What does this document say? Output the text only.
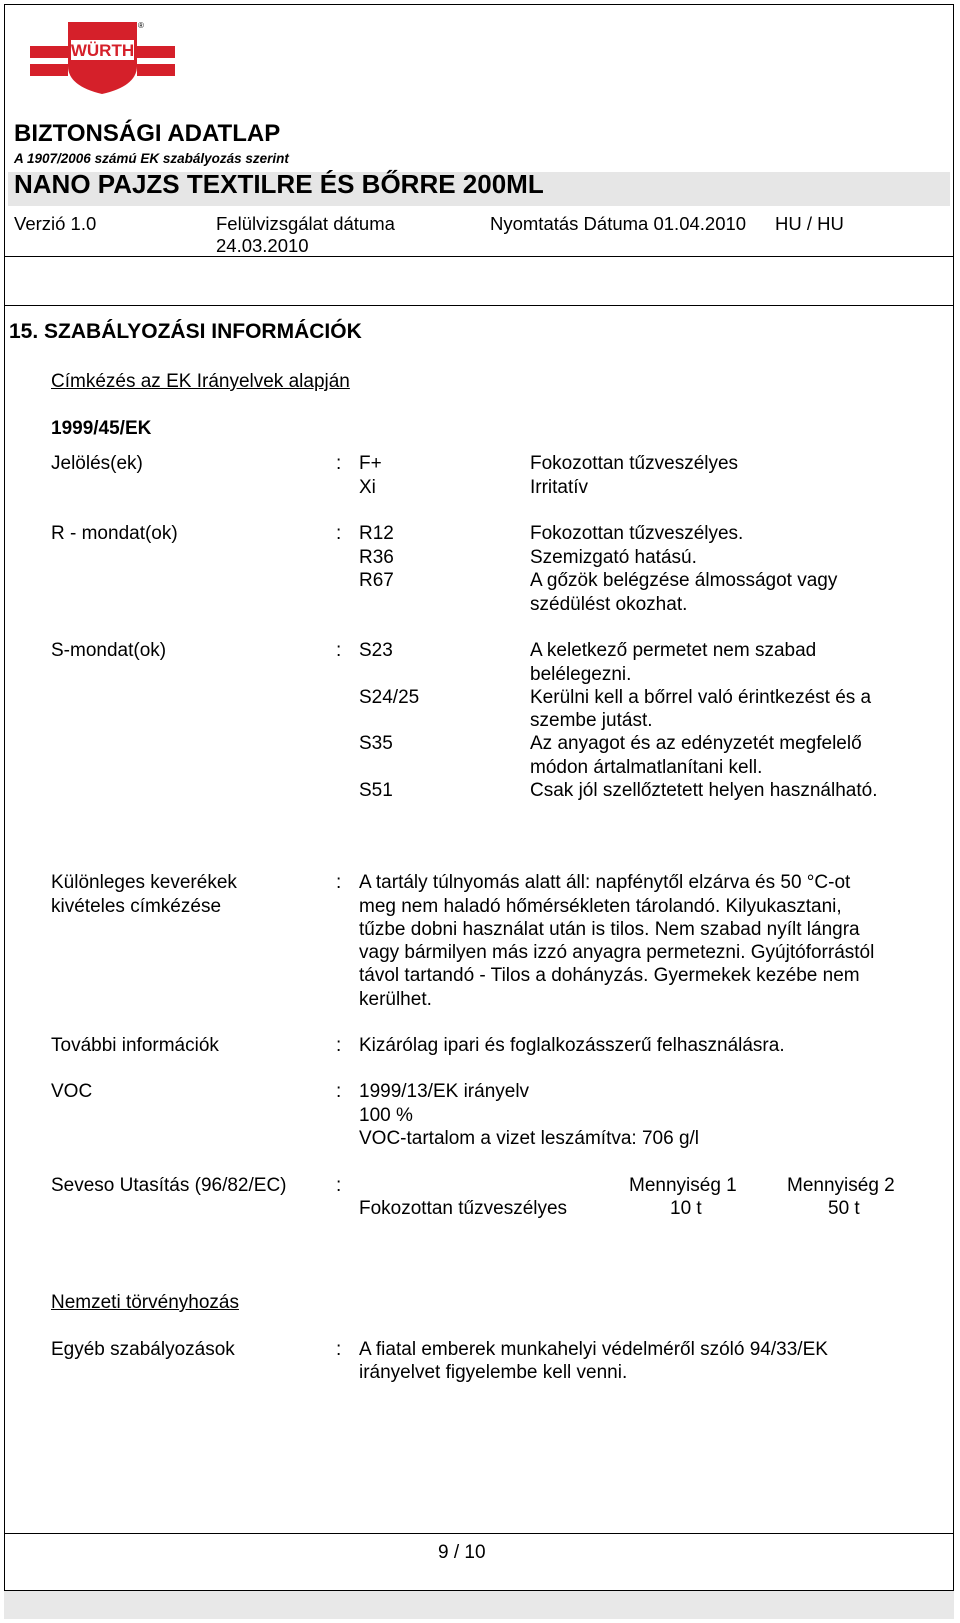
WÜRTH
®
BIZTONSÁGI ADATLAP
A 1907/2006 számú EK szabályozás szerint
NANO PAJZS TEXTILRE ÉS BŐRRE 200ML
Verzió 1.0	Felülvizsgálat dátuma
24.03.2010
Nyomtatás Dátuma 01.04.2010 HU / HU
15. SZABÁLYOZÁSI INFORMÁCIÓK
Címkézés az EK Irányelvek alapján
1999/45/EK
Jelölés(ek)	: F+	Fokozottan tűzveszélyes
Xi	Irritatív
R - mondat(ok)	: R12	Fokozottan tűzveszélyes.
R36	Szemizgató hatású.
R67	A gőzök belégzése álmosságot vagy
szédülést okozhat.
S-mondat(ok)	: S23	A keletkező permetet nem szabad
belélegezni.
S24/25	Kerülni kell a bőrrel való érintkezést és a
szembe jutást.
S35	Az anyagot és az edényzetét megfelelő
módon ártalmatlanítani kell.
S51	Csak jól szellőztetett helyen használható.
Különleges keverékek
kivételes címkézése
: A tartály túlnyomás alatt áll: napfénytől elzárva és 50 °C-ot
meg nem haladó hőmérsékleten tárolandó. Kilyukasztani,
tűzbe dobni használat után is tilos. Nem szabad nyílt lángra
vagy bármilyen más izzó anyagra permetezni. Gyújtóforrástól
távol tartandó - Tilos a dohányzás. Gyermekek kezébe nem
kerülhet.
További információk	: Kizárólag ipari és foglalkozásszerű felhasználásra.
VOC	: 1999/13/EK irányelv
100 %
VOC-tartalom a vizet leszámítva: 706 g/l
Seveso Utasítás (96/82/EC)	:	Mennyiség 1	Mennyiség 2
Fokozottan tűzveszélyes	10 t	50 t
Nemzeti törvényhozás
Egyéb szabályozások	: A fiatal emberek munkahelyi védelméről szóló 94/33/EK
irányelvet figyelembe kell venni.
9 / 10
